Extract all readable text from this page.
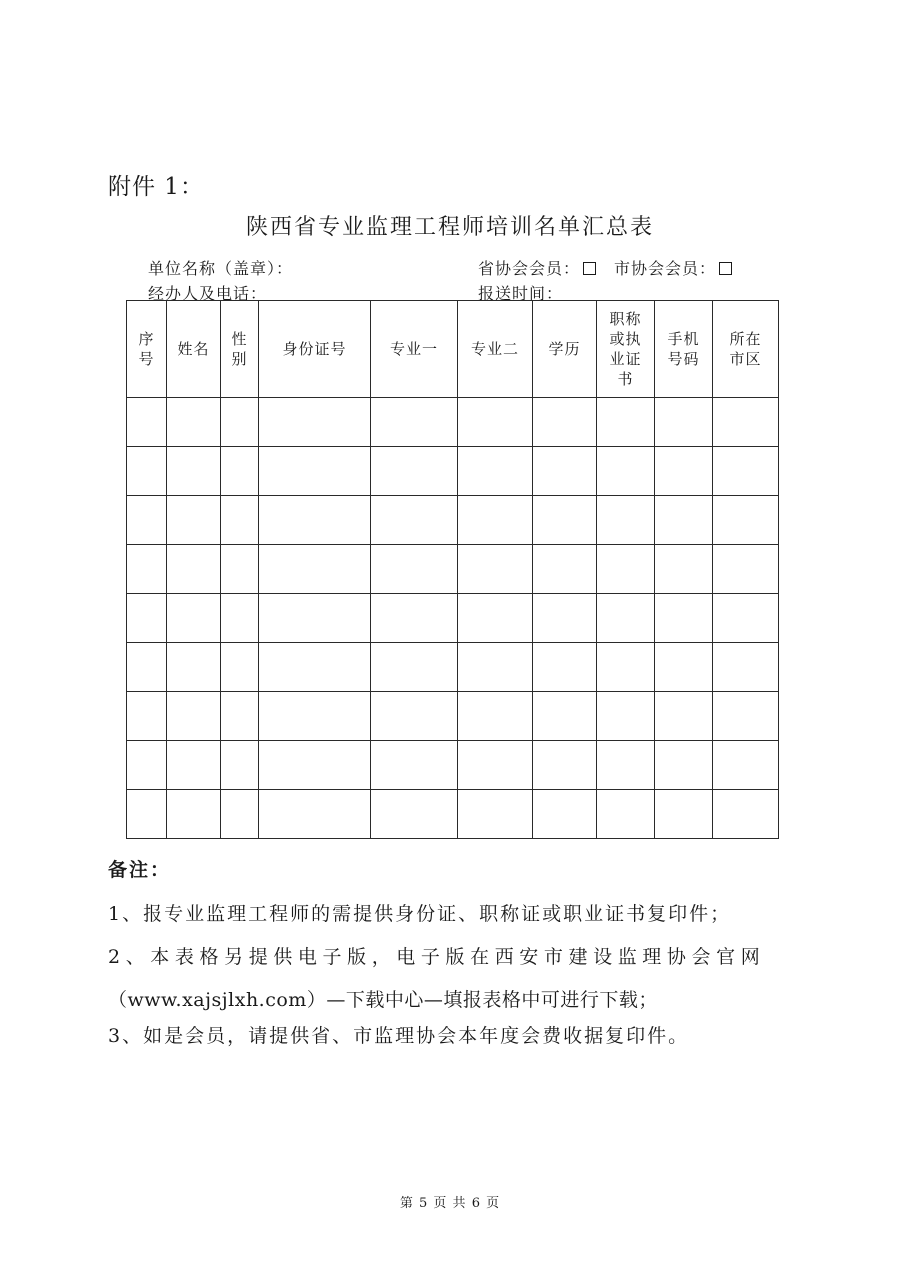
附件 1：
陕西省专业监理工程师培训名单汇总表
单位名称（盖章）：
经办人及电话：
省协会会员： 市协会会员：
报送时间：
序号	姓名	性别	身份证号	专业一	专业二	学历	职称或执业证书	手机号码	所在市区

备注：
1、报专业监理工程师的需提供身份证、职称证或职业证书复印件；
2、本表格另提供电子版，电子版在西安市建设监理协会官网
（www.xajsjlxh.com）—下载中心—填报表格中可进行下载；
3、如是会员，请提供省、市监理协会本年度会费收据复印件。
第 5 页 共 6 页
